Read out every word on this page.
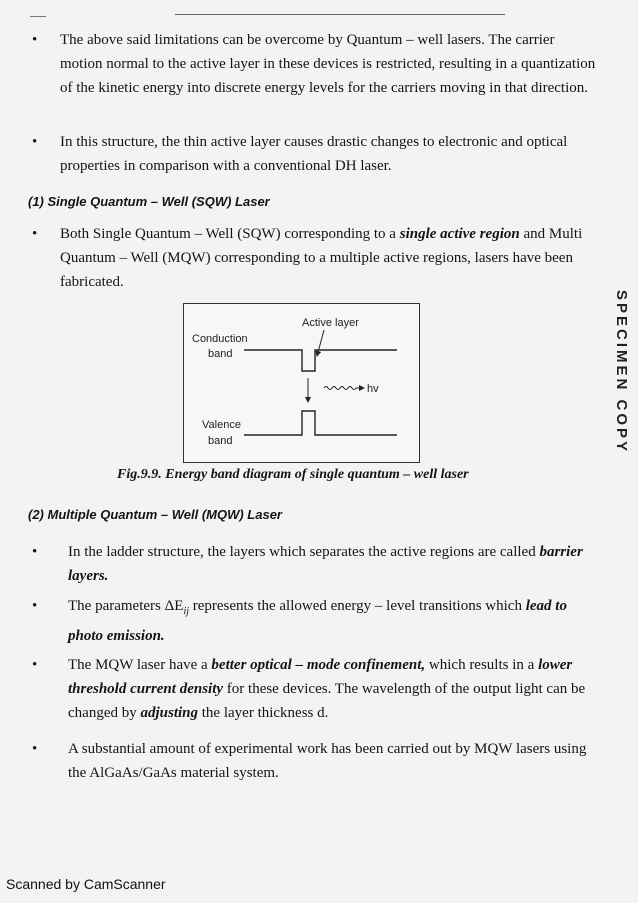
•	The above said limitations can be overcome by Quantum – well lasers. The carrier motion normal to the active layer in these devices is restricted, resulting in a quantization of the kinetic energy into discrete energy levels for the carriers moving in that direction.
•	In this structure, the thin active layer causes drastic changes to electronic and optical properties in comparison with a conventional DH laser.
(1) Single Quantum – Well (SQW) Laser
•	Both Single Quantum – Well (SQW) corresponding to a single active region and Multi Quantum – Well (MQW) corresponding to a multiple active regions, lasers have been fabricated.
Active layer
Conduction
band
hv
Valence
band
Fig.9.9. Energy band diagram of single quantum – well laser
(2) Multiple Quantum – Well (MQW) Laser
•	In the ladder structure, the layers which separates the active regions are called barrier layers.
•	The parameters $\Delta E_{ij}$ represents the allowed energy – level transitions which lead to photo emission.
•	The MQW laser have a better optical – mode confinement, which results in a lower threshold current density for these devices. The wavelength of the output light can be changed by adjusting the layer thickness d.
•	A substantial amount of experimental work has been carried out by MQW lasers using the AlGaAs/GaAs material system.
SPECIMEN COPY
Scanned by CamScanner
